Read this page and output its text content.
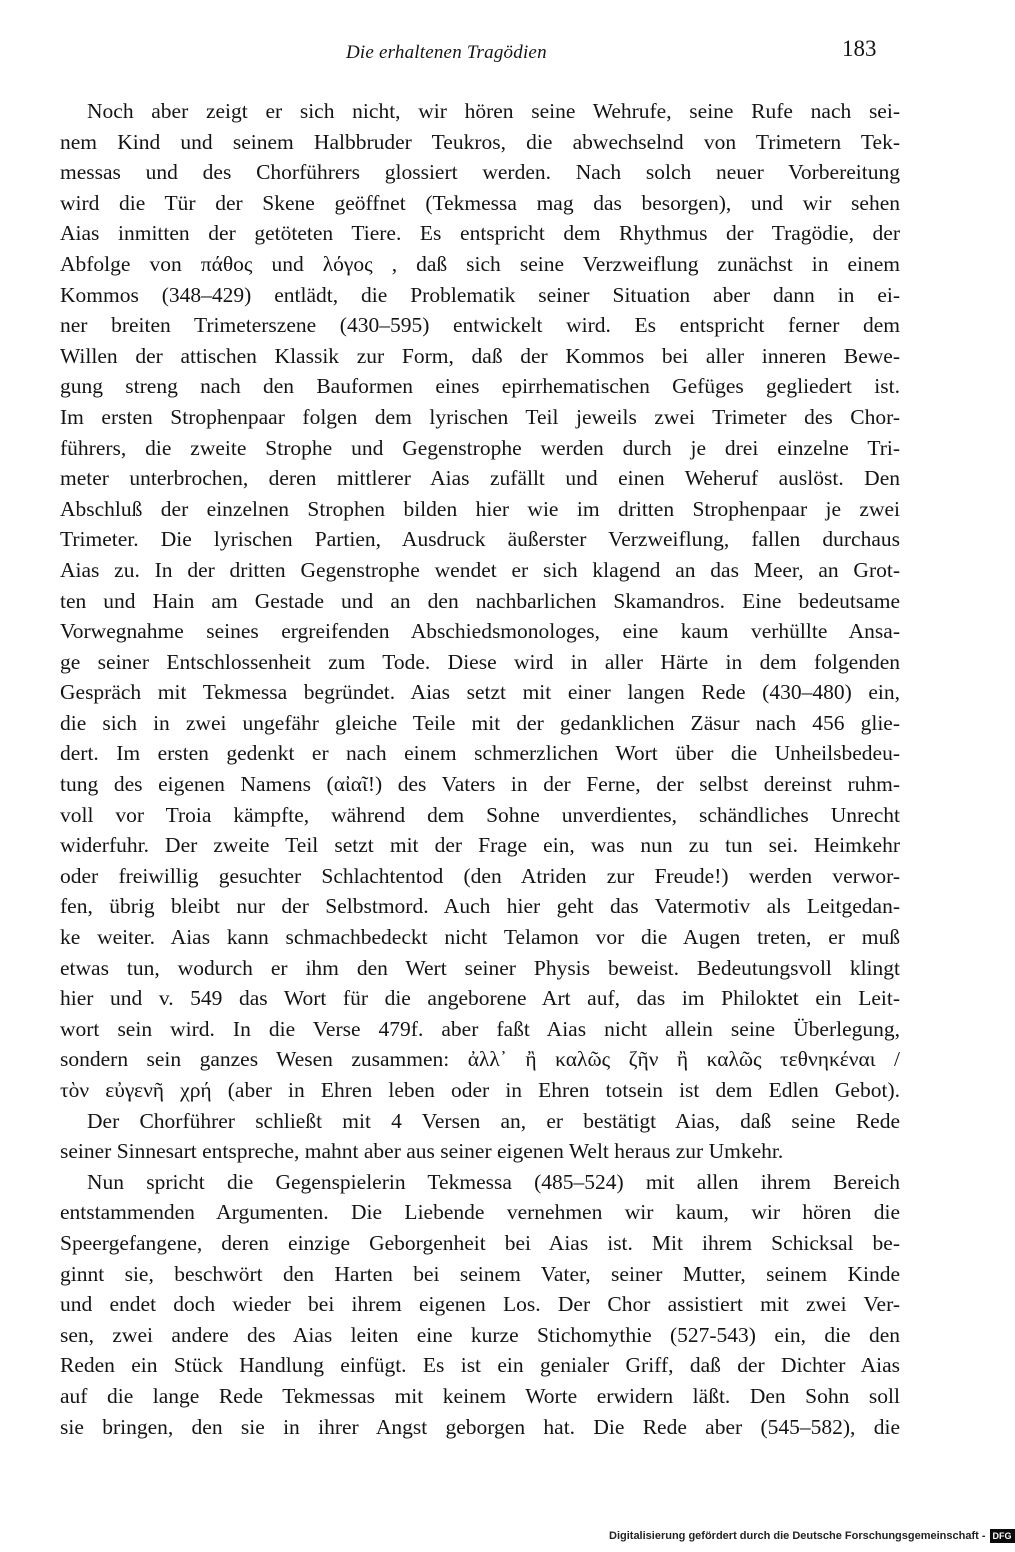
Die erhaltenen Tragödien	183
Noch aber zeigt er sich nicht, wir hören seine Wehrufe, seine Rufe nach sei-
nem Kind und seinem Halbbruder Teukros, die abwechselnd von Trimetern Tek-
messas und des Chorführers glossiert werden. Nach solch neuer Vorbereitung
wird die Tür der Skene geöffnet (Tekmessa mag das besorgen), und wir sehen
Aias inmitten der getöteten Tiere. Es entspricht dem Rhythmus der Tragödie, der
Abfolge von πάθος und λόγος , daß sich seine Verzweiflung zunächst in einem
Kommos (348–429) entlädt, die Problematik seiner Situation aber dann in ei-
ner breiten Trimeterszene (430–595) entwickelt wird. Es entspricht ferner dem
Willen der attischen Klassik zur Form, daß der Kommos bei aller inneren Bewe-
gung streng nach den Bauformen eines epirrhematischen Gefüges gegliedert ist.
Im ersten Strophenpaar folgen dem lyrischen Teil jeweils zwei Trimeter des Chor-
führers, die zweite Strophe und Gegenstrophe werden durch je drei einzelne Tri-
meter unterbrochen, deren mittlerer Aias zufällt und einen Weheruf auslöst. Den
Abschluß der einzelnen Strophen bilden hier wie im dritten Strophenpaar je zwei
Trimeter. Die lyrischen Partien, Ausdruck äußerster Verzweiflung, fallen durchaus
Aias zu. In der dritten Gegenstrophe wendet er sich klagend an das Meer, an Grot-
ten und Hain am Gestade und an den nachbarlichen Skamandros. Eine bedeutsame
Vorwegnahme seines ergreifenden Abschiedsmonologes, eine kaum verhüllte Ansa-
ge seiner Entschlossenheit zum Tode. Diese wird in aller Härte in dem folgenden
Gespräch mit Tekmessa begründet. Aias setzt mit einer langen Rede (430–480) ein,
die sich in zwei ungefähr gleiche Teile mit der gedanklichen Zäsur nach 456 glie-
dert. Im ersten gedenkt er nach einem schmerzlichen Wort über die Unheilsbedeu-
tung des eigenen Namens (αἰαῖ!) des Vaters in der Ferne, der selbst dereinst ruhm-
voll vor Troia kämpfte, während dem Sohne unverdientes, schändliches Unrecht
widerfuhr. Der zweite Teil setzt mit der Frage ein, was nun zu tun sei. Heimkehr
oder freiwillig gesuchter Schlachtentod (den Atriden zur Freude!) werden verwor-
fen, übrig bleibt nur der Selbstmord. Auch hier geht das Vatermotiv als Leitgedan-
ke weiter. Aias kann schmachbedeckt nicht Telamon vor die Augen treten, er muß
etwas tun, wodurch er ihm den Wert seiner Physis beweist. Bedeutungsvoll klingt
hier und v. 549 das Wort für die angeborene Art auf, das im Philoktet ein Leit-
wort sein wird. In die Verse 479f. aber faßt Aias nicht allein seine Überlegung,
sondern sein ganzes Wesen zusammen: ἀλλ᾽ ἢ καλῶς ζῆν ἢ καλῶς τεθνηκέναι /
τὸν εὐγενῆ χρή (aber in Ehren leben oder in Ehren totsein ist dem Edlen Gebot).
Der Chorführer schließt mit 4 Versen an, er bestätigt Aias, daß seine Rede
seiner Sinnesart entspreche, mahnt aber aus seiner eigenen Welt heraus zur Umkehr.
Nun spricht die Gegenspielerin Tekmessa (485–524) mit allen ihrem Bereich
entstammenden Argumenten. Die Liebende vernehmen wir kaum, wir hören die
Speergefangene, deren einzige Geborgenheit bei Aias ist. Mit ihrem Schicksal be-
ginnt sie, beschwört den Harten bei seinem Vater, seiner Mutter, seinem Kinde
und endet doch wieder bei ihrem eigenen Los. Der Chor assistiert mit zwei Ver-
sen, zwei andere des Aias leiten eine kurze Stichomythie (527-543) ein, die den
Reden ein Stück Handlung einfügt. Es ist ein genialer Griff, daß der Dichter Aias
auf die lange Rede Tekmessas mit keinem Worte erwidern läßt. Den Sohn soll
sie bringen, den sie in ihrer Angst geborgen hat. Die Rede aber (545–582), die
Digitalisierung gefördert durch die Deutsche Forschungsgemeinschaft - DFG
